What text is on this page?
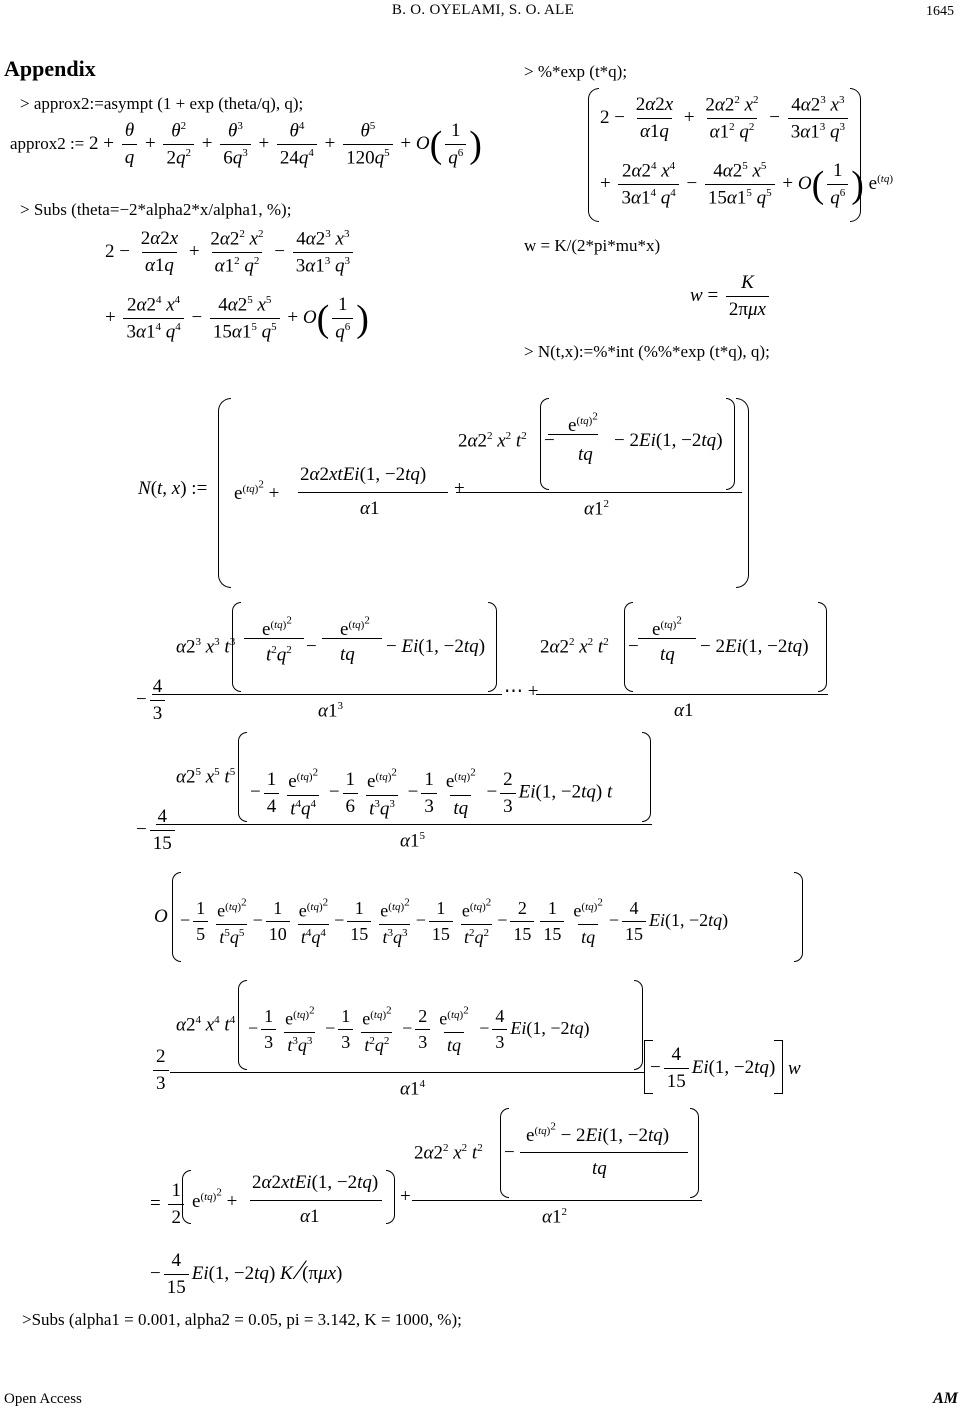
B. O. OYELAMI, S. O. ALE	1645
Appendix
> approx2:=asympt (1 + exp (theta/q), q);
> Subs (theta=−2*alpha2*x/alpha1, %);
approx2 := $2 + \frac{\theta}{q} + \frac{\theta^2}{2q^2} + \frac{\theta^3}{6q^3} + \frac{\theta^4}{24q^4} + \frac{\theta^5}{120q^5} + O( \frac{1}{q^6}$ )
$2 - \frac{2\alpha 2x}{\alpha 1q} + \frac{2\alpha 2^2 x^2}{\alpha 1^2 q^2} - \frac{4\alpha 2^3 x^3}{3\alpha 1^3 q^3}$
+ $\frac{2\alpha 2^4 x^4}{3\alpha 1^4 q^4} - \frac{4\alpha 2^5 x^5}{15\alpha 1^5 q^5} + O( \frac{1}{q^6}$ )
> %*exp (t*q);
$2 - \frac{2\alpha 2x}{\alpha 1q} + \frac{2\alpha 2^2 x^2}{\alpha 1^2 q^2} - \frac{4\alpha 2^3 x^3}{3\alpha 1^3 q^3}$
+ $\frac{2\alpha 2^4 x^4}{3\alpha 1^4 q^4} - \frac{4\alpha 2^5 x^5}{15\alpha 1^5 q^5} + O( \frac{1}{q^6}$ ) $e^{(tq)}$
w = K/(2*pi*mu*x)
$w = \frac{K}{\text{2πμx}}$
> N(t,x):=%*int (%%*exp (t*q), q);
N(t, x) := $e^{(tq)^2}$ +
2α2xtEi(1, −2tq)
α1
+
$2\alpha 2^2$ $x^2$ $t^2$
$e^{(tq)^2}$
−
tq
− 2Ei(1, −2tq)
$\alpha 1^2$
$\alpha 2^3$ $x^3$ $t^3$
$e^{(tq)^2}$
$t^2q^2$ −
$e^{(tq)^2}$
tq − Ei(1, −2tq)
− $\frac{4}{3}$	$\alpha 1^3$
⋯ +
$2\alpha 2^2$ $x^2$ $t^2$
$e^{(tq)^2}$
− tq − 2Ei(1, −2tq)
α1
$\alpha 2^5$ $x^5$ $t^5$
− $\frac{1}{4} \frac{e^{(tq)^2}}{t^4q^4} - \frac{1}{6} \frac{e^{(tq)^2}}{t^3q^3} - \frac{1}{3} \frac{e^{(tq)^2}}{tq} - \frac{2}{3} Ei(1$, −2tq) t
− $\frac{4}{15}$	$\alpha 1^5$
$O - \frac{1}{5} \frac{e^{(tq)^2}}{t^5q^5} - \frac{1}{10} \frac{e^{(tq)^2}}{t^4q^4} - \frac{1}{15} \frac{e^{(tq)^2}}{t^3q^3} - \frac{1}{15} \frac{e^{(tq)^2}}{t^2q^2} - \frac{2}{15} \frac{1}{15} \frac{e^{(tq)^2}}{tq} - \frac{4}{15} Ei(1$, −2tq)
$\alpha 2^4$ $x^4$ $t^4 - \frac{1}{3} \frac{e^{(tq)^2}}{t^3q^3} - \frac{1}{3} \frac{e^{(tq)^2}}{t^2q^2} - \frac{2}{3} \frac{e^{(tq)^2}}{tq} - \frac{4}{3} Ei(1$, −2tq)
$\frac{2}{3}$	$\alpha 1^4$
− $\frac{4}{15} Ei(1$, −2tq) w
= $\frac{1}{2} e^{(tq)^2}$ +
2α2xtEi(1, −2tq)
α1
+
$2\alpha 2^2$ $x^2$ $t^2$ −
$e^{(tq)^2} - 2Ei(1$, −2tq)
tq
$\alpha 1^2$
− $\frac{4}{15} Ei(1$, −2tq) K ∕(πμx)
>Subs (alpha1 = 0.001, alpha2 = 0.05, pi = 3.142, K = 1000, %);
Open Access	AM
